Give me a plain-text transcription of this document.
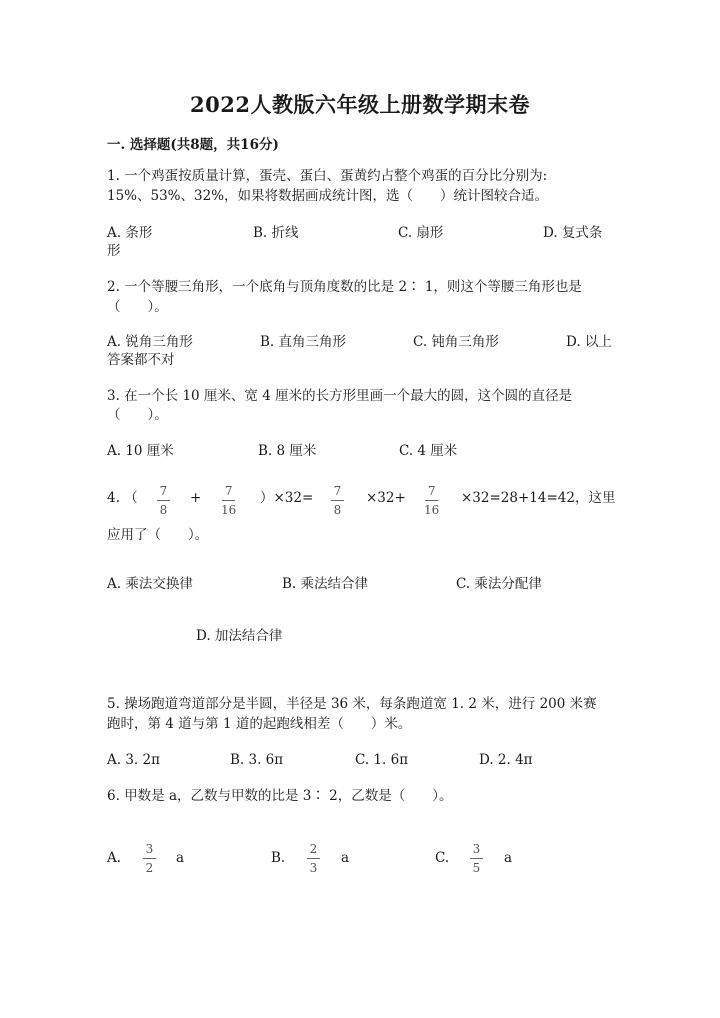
2022人教版六年级上册数学期末卷
一. 选择题(共8题，共16分)
1. 一个鸡蛋按质量计算，蛋壳、蛋白、蛋黄约占整个鸡蛋的百分比分别为:
15%、53%、32%，如果将数据画成统计图，选（　　）统计图较合适。
A. 条形	B. 折线	C. 扇形	D. 复式条
形
2. 一个等腰三角形，一个底角与顶角度数的比是 2∶ 1，则这个等腰三角形也是
（　　）。
A. 锐角三角形	B. 直角三角形	C. 钝角三角形	D. 以上
答案都不对
3. 在一个长 10 厘米、宽 4 厘米的长方形里画一个最大的圆，这个圆的直径是
（　　）。
A. 10 厘米	B. 8 厘米	C. 4 厘米
4. （ 7
8
+ 7
16
）×32= 7
8
×32+ 7
16
×32=28+14=42，这里
应用了（　　）。
A. 乘法交换律	B. 乘法结合律	C. 乘法分配律
D. 加法结合律
5. 操场跑道弯道部分是半圆，半径是 36 米，每条跑道宽 1. 2 米，进行 200 米赛
跑时，第 4 道与第 1 道的起跑线相差（　　）米。
A. 3. 2π	B. 3. 6π	C. 1. 6π	D. 2. 4π
6. 甲数是 a，乙数与甲数的比是 3∶ 2，乙数是（　　）。
A.
3
2
a	B.
2
3
a	C.
3
5
a
